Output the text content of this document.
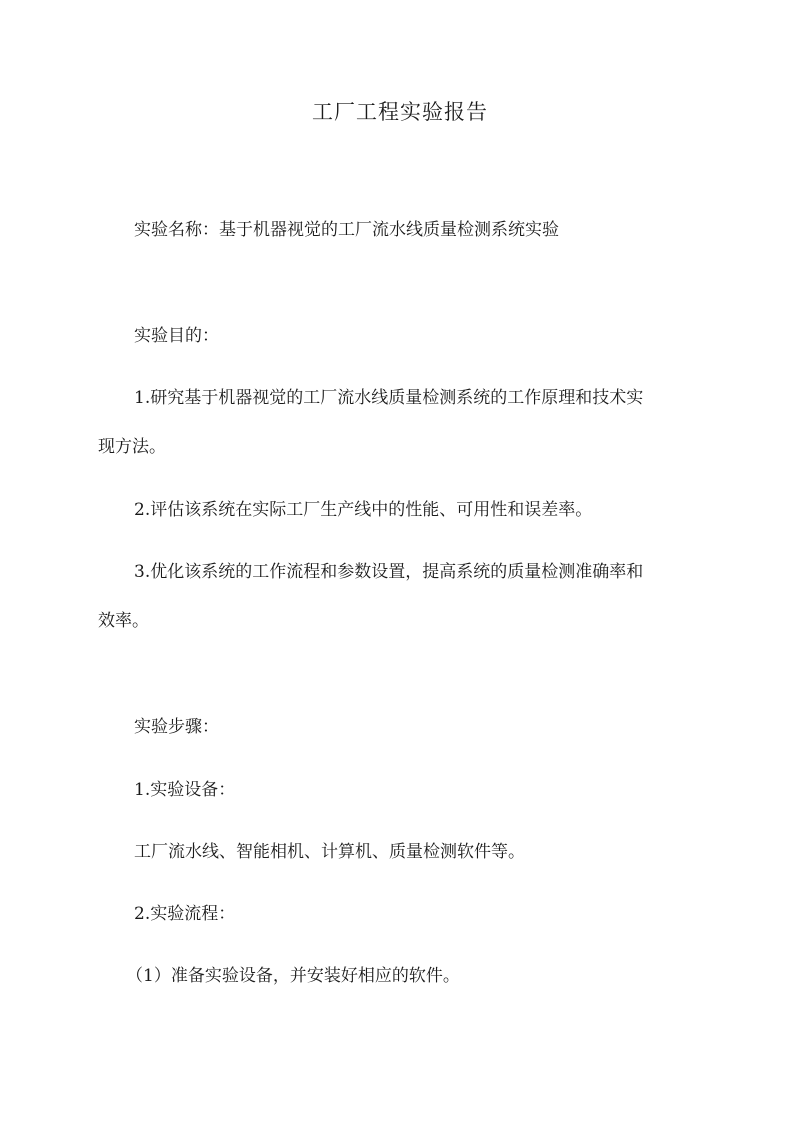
工厂工程实验报告
实验名称：基于机器视觉的工厂流水线质量检测系统实验
实验目的：
1.研究基于机器视觉的工厂流水线质量检测系统的工作原理和技术实
现方法。
2.评估该系统在实际工厂生产线中的性能、可用性和误差率。
3.优化该系统的工作流程和参数设置，提高系统的质量检测准确率和
效率。
实验步骤：
1.实验设备：
工厂流水线、智能相机、计算机、质量检测软件等。
2.实验流程：
（1）准备实验设备，并安装好相应的软件。
